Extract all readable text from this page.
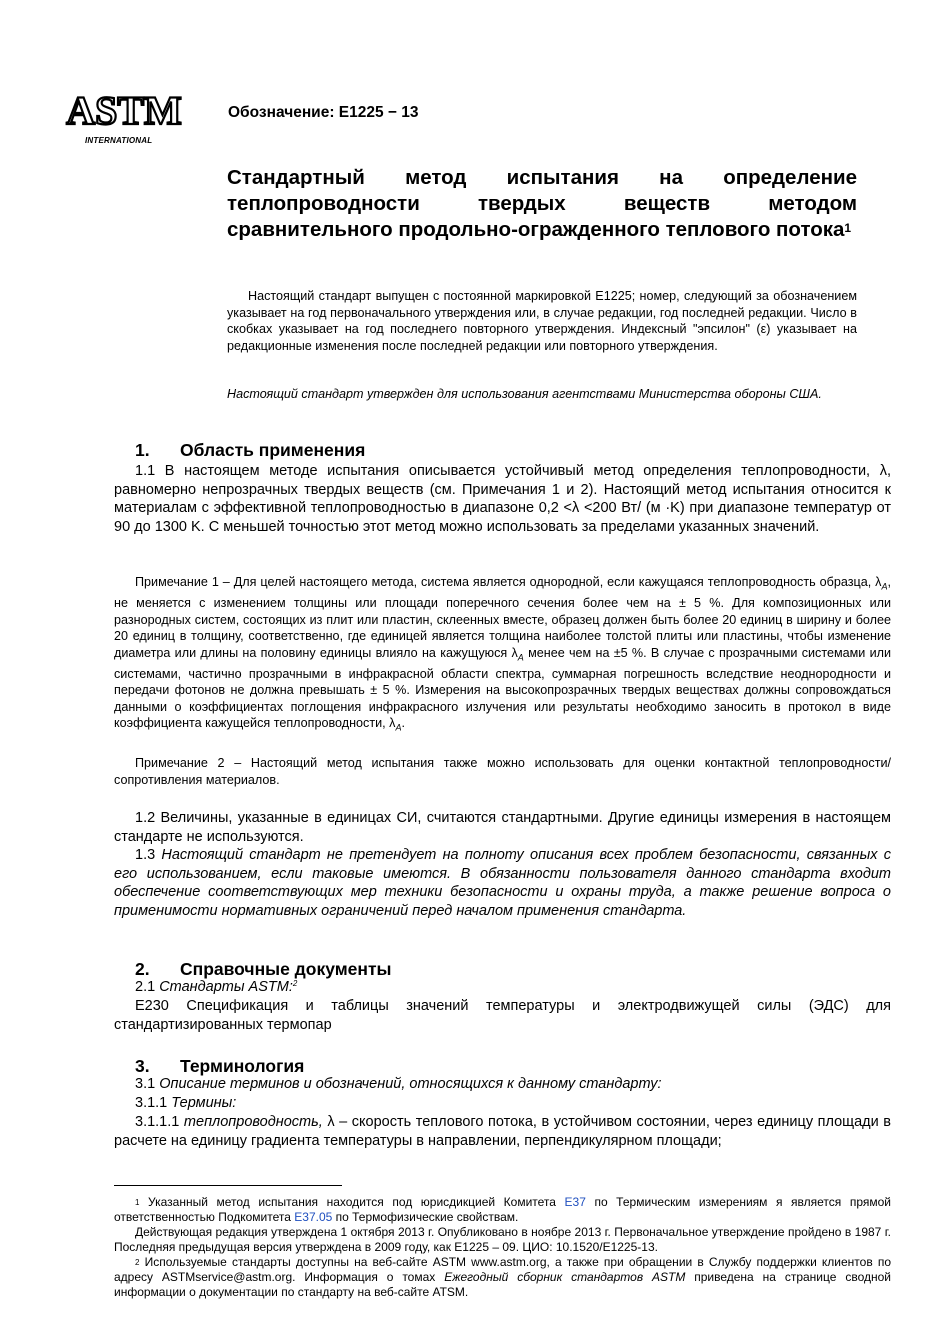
ASTM
INTERNATIONAL
Обозначение: E1225 − 13
Стандартный метод испытания на определение теплопроводности твердых веществ методом сравнительного продольно-огражденного теплового потока$^1$
Настоящий стандарт выпущен с постоянной маркировкой E1225; номер, следующий за обозначением указывает на год первоначального утверждения или, в случае редакции, год последней редакции. Число в скобках указывает на год последнего повторного утверждения. Индексный "эпсилон" (ε) указывает на редакционные изменения после последней редакции или повторного утверждения.
Настоящий стандарт утвержден для использования агентствами Министерства обороны США.
1. Область применения
1.1 В настоящем методе испытания описывается устойчивый метод определения теплопроводности, λ, равномерно непрозрачных твердых веществ (см. Примечания 1 и 2). Настоящий метод испытания относится к материалам с эффективной теплопроводностью в диапазоне 0,2 <λ <200 Вт/ (м ·K) при диапазоне температур от 90 до 1300 K. С меньшей точностью этот метод можно использовать за пределами указанных значений.
Примечание 1 – Для целей настоящего метода, система является однородной, если кажущаяся теплопроводность образца, $\lambda_A$, не меняется с изменением толщины или площади поперечного сечения более чем на ± 5 %. Для композиционных или разнородных систем, состоящих из плит или пластин, склеенных вместе, образец должен быть более 20 единиц в ширину и более 20 единиц в толщину, соответственно, где единицей является толщина наиболее толстой плиты или пластины, чтобы изменение диаметра или длины на половину единицы влияло на кажущуюся $\lambda_A$ менее чем на ±5 %. В случае с прозрачными системами или системами, частично прозрачными в инфракрасной области спектра, суммарная погрешность вследствие неоднородности и передачи фотонов не должна превышать ± 5 %. Измерения на высокопрозрачных твердых веществах должны сопровождаться данными о коэффициентах поглощения инфракрасного излучения или результаты необходимо заносить в протокол в виде коэффициента кажущейся теплопроводности, $\lambda_A$.
Примечание 2 – Настоящий метод испытания также можно использовать для оценки контактной теплопроводности/сопротивления материалов.
1.2 Величины, указанные в единицах СИ, считаются стандартными. Другие единицы измерения в настоящем стандарте не используются.
1.3 Настоящий стандарт не претендует на полноту описания всех проблем безопасности, связанных с его использованием, если таковые имеются. В обязанности пользователя данного стандарта входит обеспечение соответствующих мер техники безопасности и охраны труда, а также решение вопроса о применимости нормативных ограничений перед началом применения стандарта.
2. Справочные документы
2.1 Стандарты ASTM:$^2$
E230 Спецификация и таблицы значений температуры и электродвижущей силы (ЭДС) для стандартизированных термопар
3. Терминология
3.1 Описание терминов и обозначений, относящихся к данному стандарту:
3.1.1 Термины:
3.1.1.1 теплопроводность, λ – скорость теплового потока, в устойчивом состоянии, через единицу площади в расчете на единицу градиента температуры в направлении, перпендикулярном площади;
$^1$ Указанный метод испытания находится под юрисдикцией Комитета E37 по Термическим измерениям я является прямой ответственностью Подкомитета E37.05 по Термофизические свойствам.
Действующая редакция утверждена 1 октября 2013 г. Опубликовано в ноябре 2013 г. Первоначальное утверждение пройдено в 1987 г. Последняя предыдущая версия утверждена в 2009 году, как E1225 – 09. ЦИО: 10.1520/E1225-13.
$^2$ Используемые стандарты доступны на веб-сайте ASTM www.astm.org, а также при обращении в Службу поддержки клиентов по адресу ASTMservice@astm.org. Информация о томах Ежегодный сборник стандартов ASTM приведена на странице сводной информации о документации по стандарту на веб-сайте ATSM.
